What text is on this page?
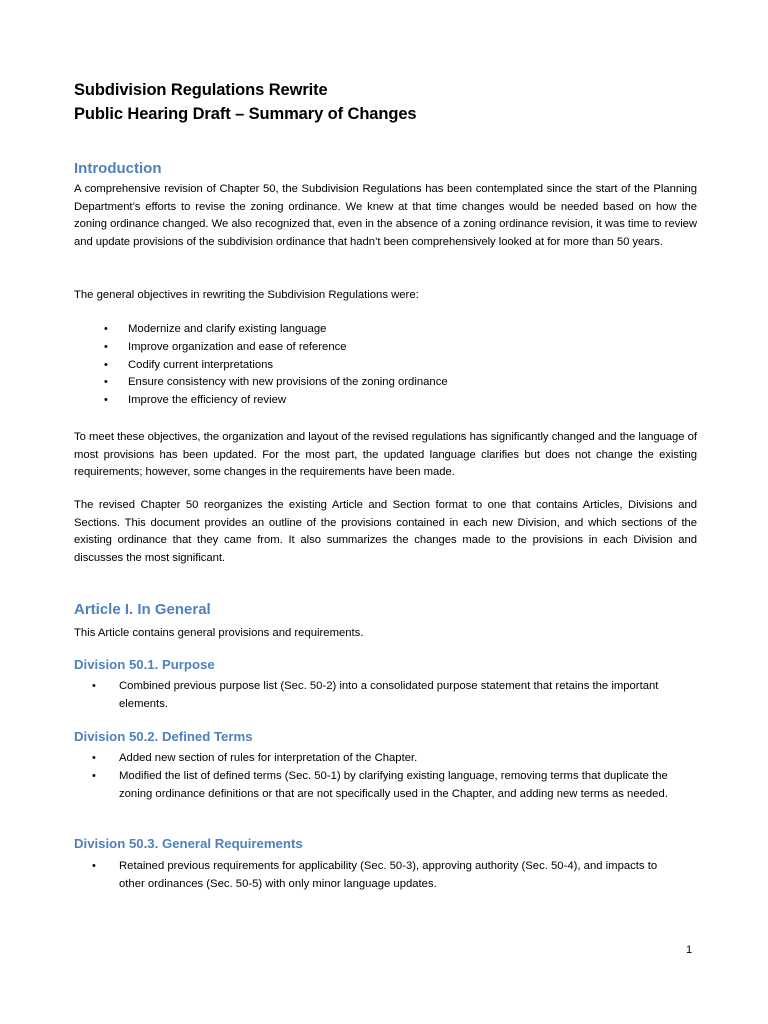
Subdivision Regulations Rewrite
Public Hearing Draft – Summary of Changes
Introduction
A comprehensive revision of Chapter 50, the Subdivision Regulations has been contemplated since the start of the Planning Department’s efforts to revise the zoning ordinance. We knew at that time changes would be needed based on how the zoning ordinance changed. We also recognized that, even in the absence of a zoning ordinance revision, it was time to review and update provisions of the subdivision ordinance that hadn’t been comprehensively looked at for more than 50 years.
The general objectives in rewriting the Subdivision Regulations were:
•	Modernize and clarify existing language
•	Improve organization and ease of reference
•	Codify current interpretations
•	Ensure consistency with new provisions of the zoning ordinance
•	Improve the efficiency of review
To meet these objectives, the organization and layout of the revised regulations has significantly changed and the language of most provisions has been updated. For the most part, the updated language clarifies but does not change the existing requirements; however, some changes in the requirements have been made.
The revised Chapter 50 reorganizes the existing Article and Section format to one that contains Articles, Divisions and Sections. This document provides an outline of the provisions contained in each new Division, and which sections of the existing ordinance that they came from. It also summarizes the changes made to the provisions in each Division and discusses the most significant.
Article I. In General
This Article contains general provisions and requirements.
Division 50.1. Purpose
•	Combined previous purpose list (Sec. 50-2) into a consolidated purpose statement that retains the important elements.
Division 50.2. Defined Terms
•	Added new section of rules for interpretation of the Chapter.
•	Modified the list of defined terms (Sec. 50-1) by clarifying existing language, removing terms that duplicate the zoning ordinance definitions or that are not specifically used in the Chapter, and adding new terms as needed.
Division 50.3. General Requirements
•	Retained previous requirements for applicability (Sec. 50-3), approving authority (Sec. 50-4), and impacts to other ordinances (Sec. 50-5) with only minor language updates.
1
